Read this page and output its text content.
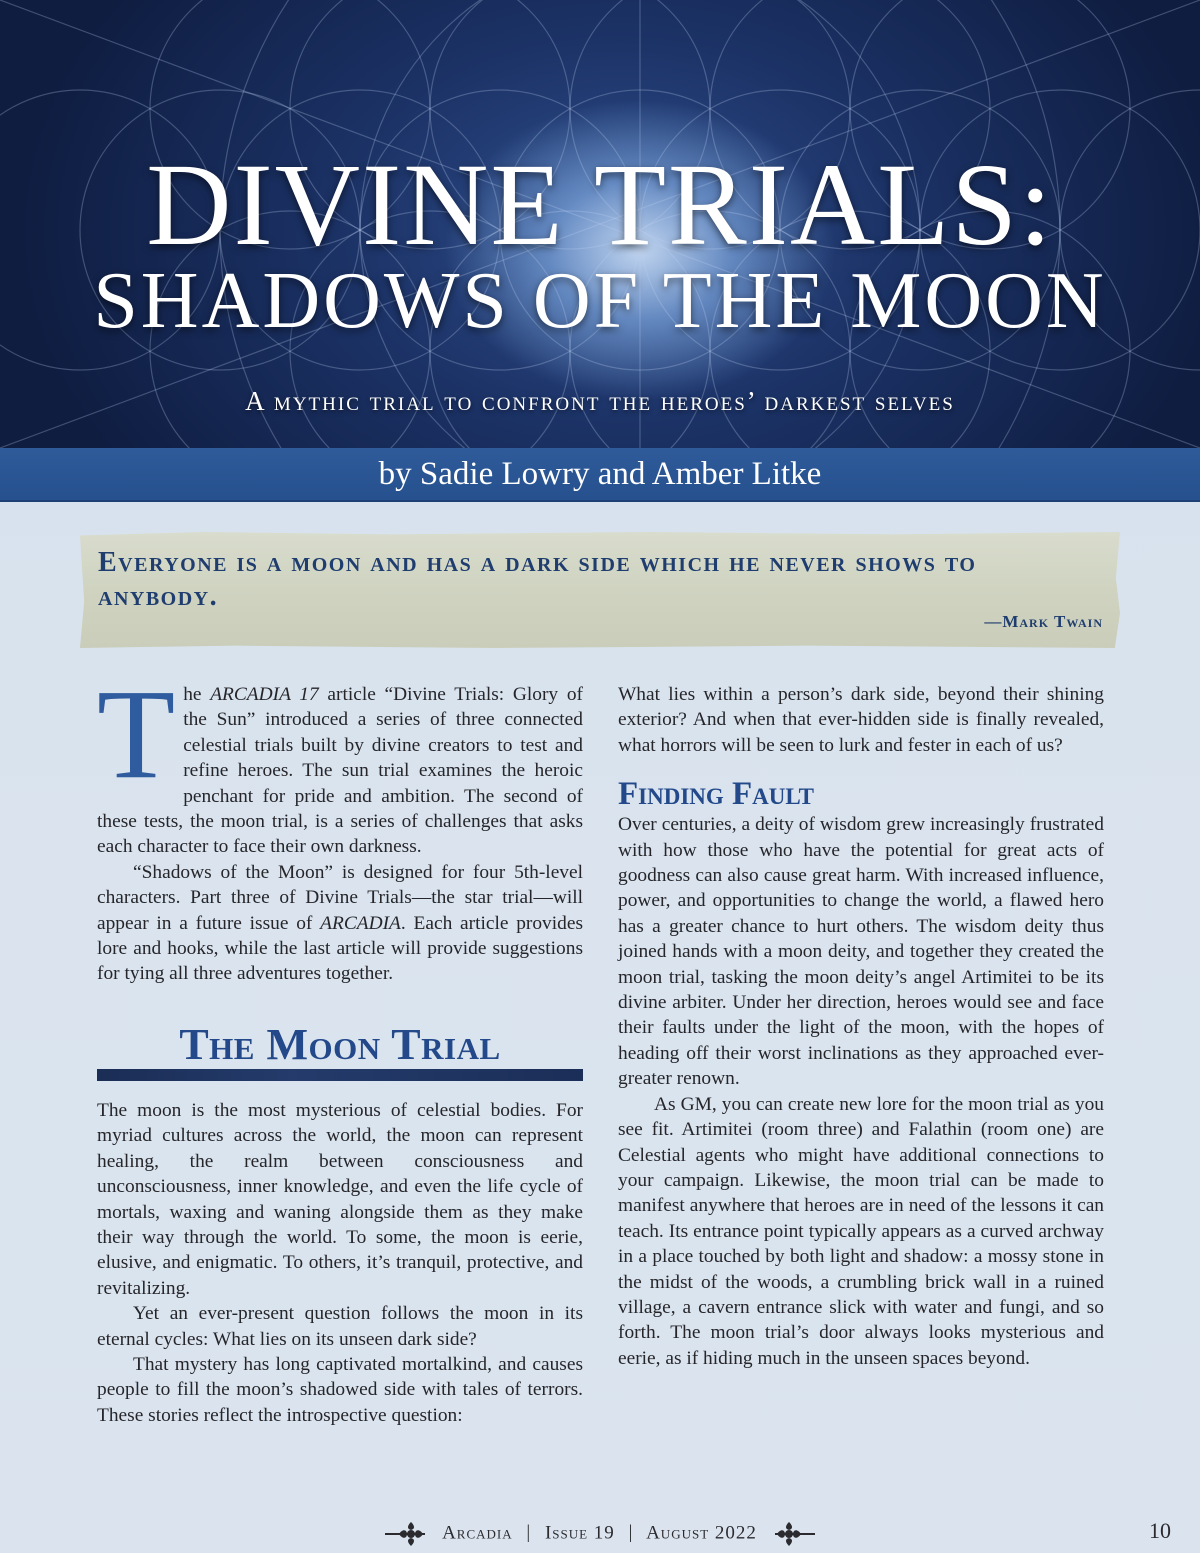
DIVINE TRIALS:
SHADOWS OF THE MOON
A mythic trial to confront the heroes’ darkest selves
by Sadie Lowry and Amber Litke
Everyone is a moon and has a dark side which he never shows to anybody.
—Mark Twain

The ARCADIA 17 article “Divine Trials: Glory of the Sun” introduced a series of three connected celestial trials built by divine creators to test and refine heroes. The sun trial examines the heroic penchant for pride and ambition. The second of these tests, the moon trial, is a series of challenges that asks each character to face their own darkness.

“Shadows of the Moon” is designed for four 5th-level characters. Part three of Divine Trials—the star trial—will appear in a future issue of ARCADIA. Each article provides lore and hooks, while the last article will provide suggestions for tying all three adventures together.

The Moon Trial

The moon is the most mysterious of celestial bodies. For myriad cultures across the world, the moon can represent healing, the realm between consciousness and unconsciousness, inner knowledge, and even the life cycle of mortals, waxing and waning alongside them as they make their way through the world. To some, the moon is eerie, elusive, and enigmatic. To others, it’s tranquil, protective, and revitalizing.

Yet an ever-present question follows the moon in its eternal cycles: What lies on its unseen dark side?

That mystery has long captivated mortalkind, and causes people to fill the moon’s shadowed side with tales of terrors. These stories reflect the introspective question:

What lies within a person’s dark side, beyond their shining exterior? And when that ever-hidden side is finally revealed, what horrors will be seen to lurk and fester in each of us?

Finding Fault

Over centuries, a deity of wisdom grew increasingly frustrated with how those who have the potential for great acts of goodness can also cause great harm. With increased influence, power, and opportunities to change the world, a flawed hero has a greater chance to hurt others. The wisdom deity thus joined hands with a moon deity, and together they created the moon trial, tasking the moon deity’s angel Artimitei to be its divine arbiter. Under her direction, heroes would see and face their faults under the light of the moon, with the hopes of heading off their worst inclinations as they approached ever-greater renown.

As GM, you can create new lore for the moon trial as you see fit. Artimitei (room three) and Falathin (room one) are Celestial agents who might have additional connections to your campaign. Likewise, the moon trial can be made to manifest anywhere that heroes are in need of the lessons it can teach. Its entrance point typically appears as a curved archway in a place touched by both light and shadow: a mossy stone in the midst of the woods, a crumbling brick wall in a ruined village, a cavern entrance slick with water and fungi, and so forth. The moon trial’s door always looks mysterious and eerie, as if hiding much in the unseen spaces beyond.

Arcadia | Issue 19 | August 2022	10
